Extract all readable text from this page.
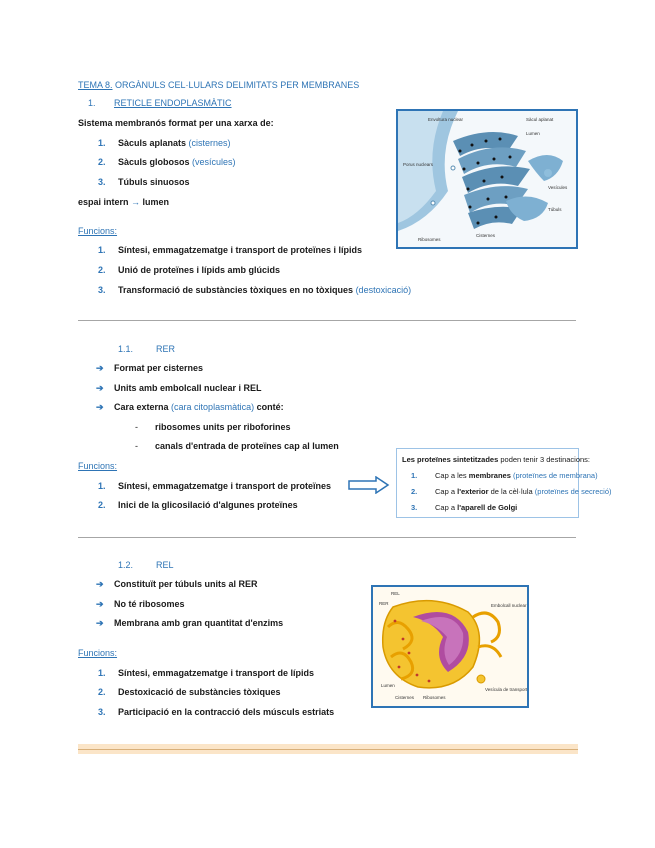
TEMA 8. ORGÀNULS CEL·LULARS DELIMITATS PER MEMBRANES
1. RETICLE ENDOPLASMÀTIC
Sistema membranós format per una xarxa de:
1. Sàculs aplanats (cisternes)
2. Sàculs globosos (vesícules)
3. Túbuls sinuosos
espai intern → lumen
Funcions:
1. Síntesi, emmagatzematge i transport de proteïnes i lípids
2. Unió de proteïnes i lípids amb glúcids
3. Transformació de substàncies tòxiques en no tòxiques (destoxicació)
Envoltura nuclear
Porus nuclears
Sàcul aplanat
Lumen
Ribosomes
Cisternes
Túbuls
Vesícules
1.1.	RER
➔ Format per cisternes
➔ Units amb embolcall nuclear i REL
➔ Cara externa (cara citoplasmàtica) conté:
- ribosomes units per riboforines
- canals d'entrada de proteïnes cap al lumen
Funcions:
1. Síntesi, emmagatzematge i transport de proteïnes
2. Inici de la glicosilació d'algunes proteïnes
Les proteïnes sintetitzades poden tenir 3 destinacions:
1. Cap a les membranes (proteïnes de membrana)
2. Cap a l'exterior de la cèl·lula (proteïnes de secreció)
3. Cap a l'aparell de Golgi
1.2.	REL
➔ Constituït per túbuls units al RER
➔ No té ribosomes
➔ Membrana amb gran quantitat d'enzims
Funcions:
1. Síntesi, emmagatzematge i transport de lípids
2. Destoxicació de substàncies tòxiques
3. Participació en la contracció dels músculs estriats
REL
RER	Embolcall nuclear
Lumen
Cisternes Ribosomes
Vesícula de transport
